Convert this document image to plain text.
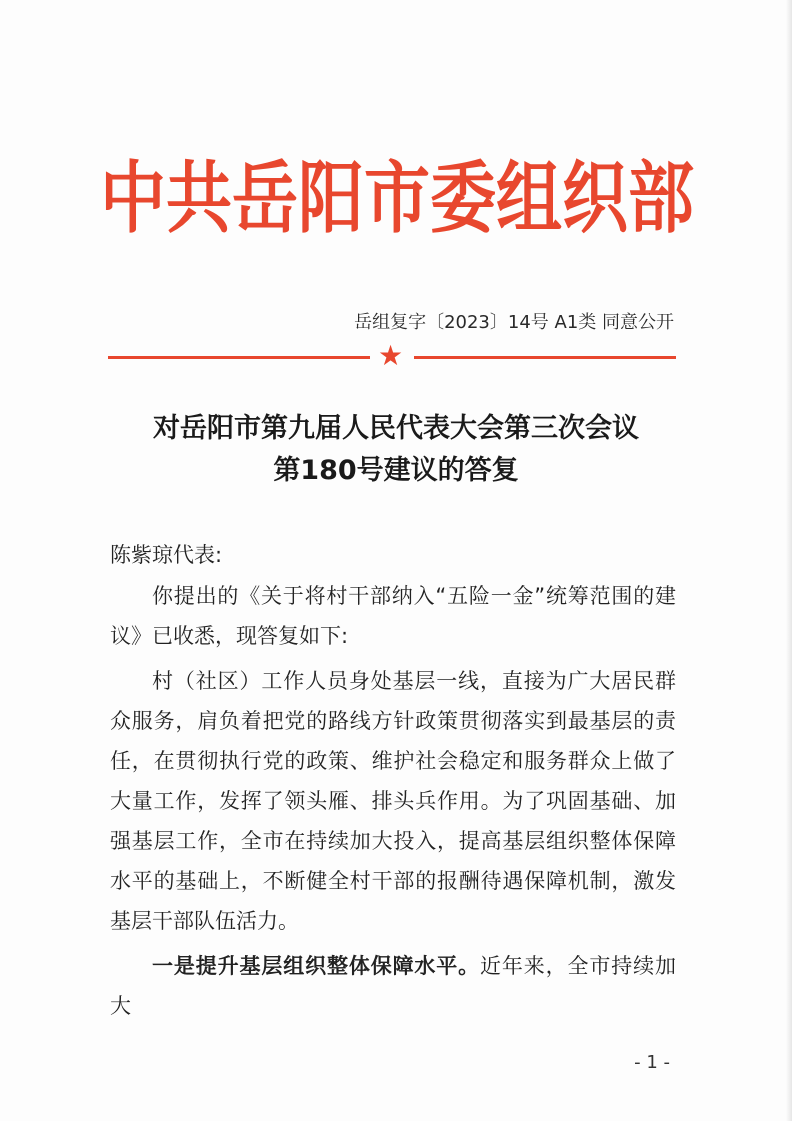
中 共 岳 阳 市 委 组 织 部
岳组复字〔2023〕14号 A1类 同意公开
★
对岳阳市第九届人民代表大会第三次会议
第180号建议的答复

陈紫琼代表:

你提出的《关于将村干部纳入“五险一金”统筹范围的建议》已收悉，现答复如下:

村（社区）工作人员身处基层一线，直接为广大居民群众服务，肩负着把党的路线方针政策贯彻落实到最基层的责任，在贯彻执行党的政策、维护社会稳定和服务群众上做了大量工作，发挥了领头雁、排头兵作用。为了巩固基础、加强基层工作，全市在持续加大投入，提高基层组织整体保障水平的基础上，不断健全村干部的报酬待遇保障机制，激发基层干部队伍活力。

一是提升基层组织整体保障水平。近年来，全市持续加大

- 1 -
